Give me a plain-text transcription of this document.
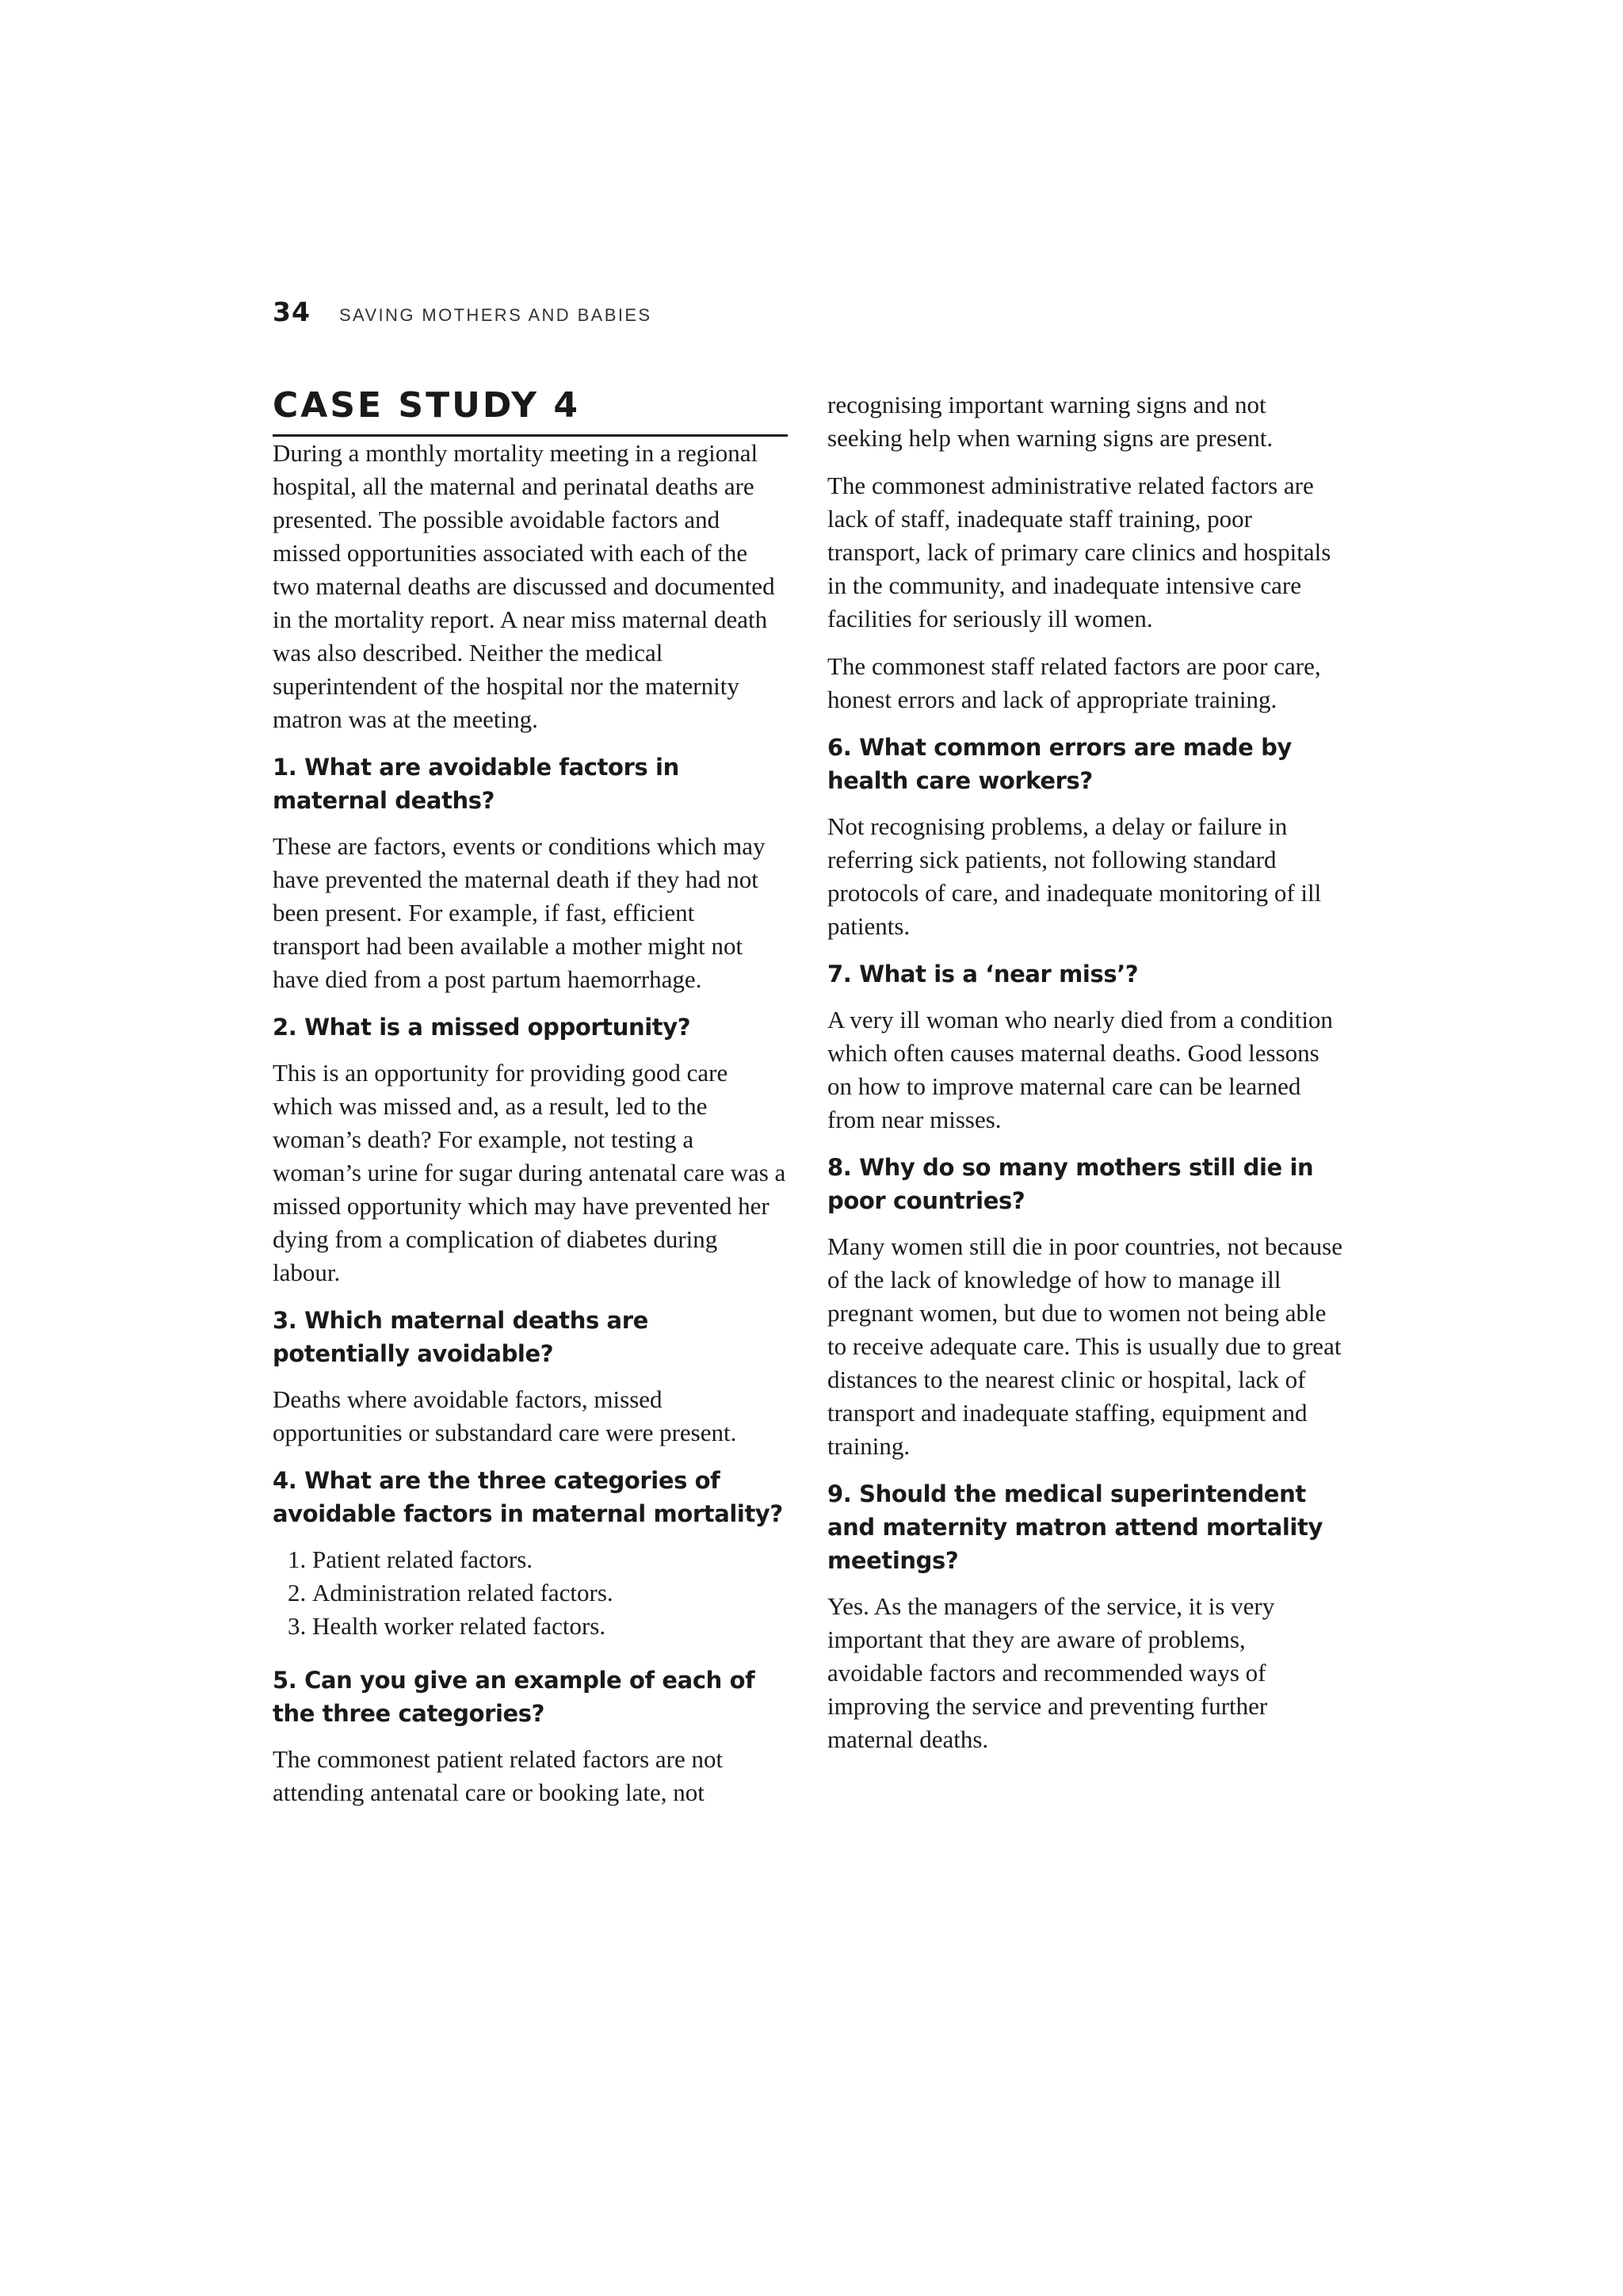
34 SAVING MOTHERS AND BABIES
CASE STUDY 4

During a monthly mortality meeting in a regional hospital, all the maternal and perinatal deaths are presented. The possible avoidable factors and missed opportunities associated with each of the two maternal deaths are discussed and documented in the mortality report. A near miss maternal death was also described. Neither the medical superintendent of the hospital nor the maternity matron was at the meeting.

1. What are avoidable factors in maternal deaths?

These are factors, events or conditions which may have prevented the maternal death if they had not been present. For example, if fast, efficient transport had been available a mother might not have died from a post partum haemorrhage.

2. What is a missed opportunity?

This is an opportunity for providing good care which was missed and, as a result, led to the woman’s death? For example, not testing a woman’s urine for sugar during antenatal care was a missed opportunity which may have prevented her dying from a complication of diabetes during labour.

3. Which maternal deaths are potentially avoidable?

Deaths where avoidable factors, missed opportunities or substandard care were present.

4. What are the three categories of avoidable factors in maternal mortality?
1. Patient related factors.
2. Administration related factors.
3. Health worker related factors.
5. Can you give an example of each of the three categories?

The commonest patient related factors are not attending antenatal care or booking late, not

recognising important warning signs and not seeking help when warning signs are present.

The commonest administrative related factors are lack of staff, inadequate staff training, poor transport, lack of primary care clinics and hospitals in the community, and inadequate intensive care facilities for seriously ill women.

The commonest staff related factors are poor care, honest errors and lack of appropriate training.

6. What common errors are made by health care workers?

Not recognising problems, a delay or failure in referring sick patients, not following standard protocols of care, and inadequate monitoring of ill patients.

7. What is a ‘near miss’?

A very ill woman who nearly died from a condition which often causes maternal deaths. Good lessons on how to improve maternal care can be learned from near misses.

8. Why do so many mothers still die in poor countries?

Many women still die in poor countries, not because of the lack of knowledge of how to manage ill pregnant women, but due to women not being able to receive adequate care. This is usually due to great distances to the nearest clinic or hospital, lack of transport and inadequate staffing, equipment and training.

9. Should the medical superintendent and maternity matron attend mortality meetings?

Yes. As the managers of the service, it is very important that they are aware of problems, avoidable factors and recommended ways of improving the service and preventing further maternal deaths.
